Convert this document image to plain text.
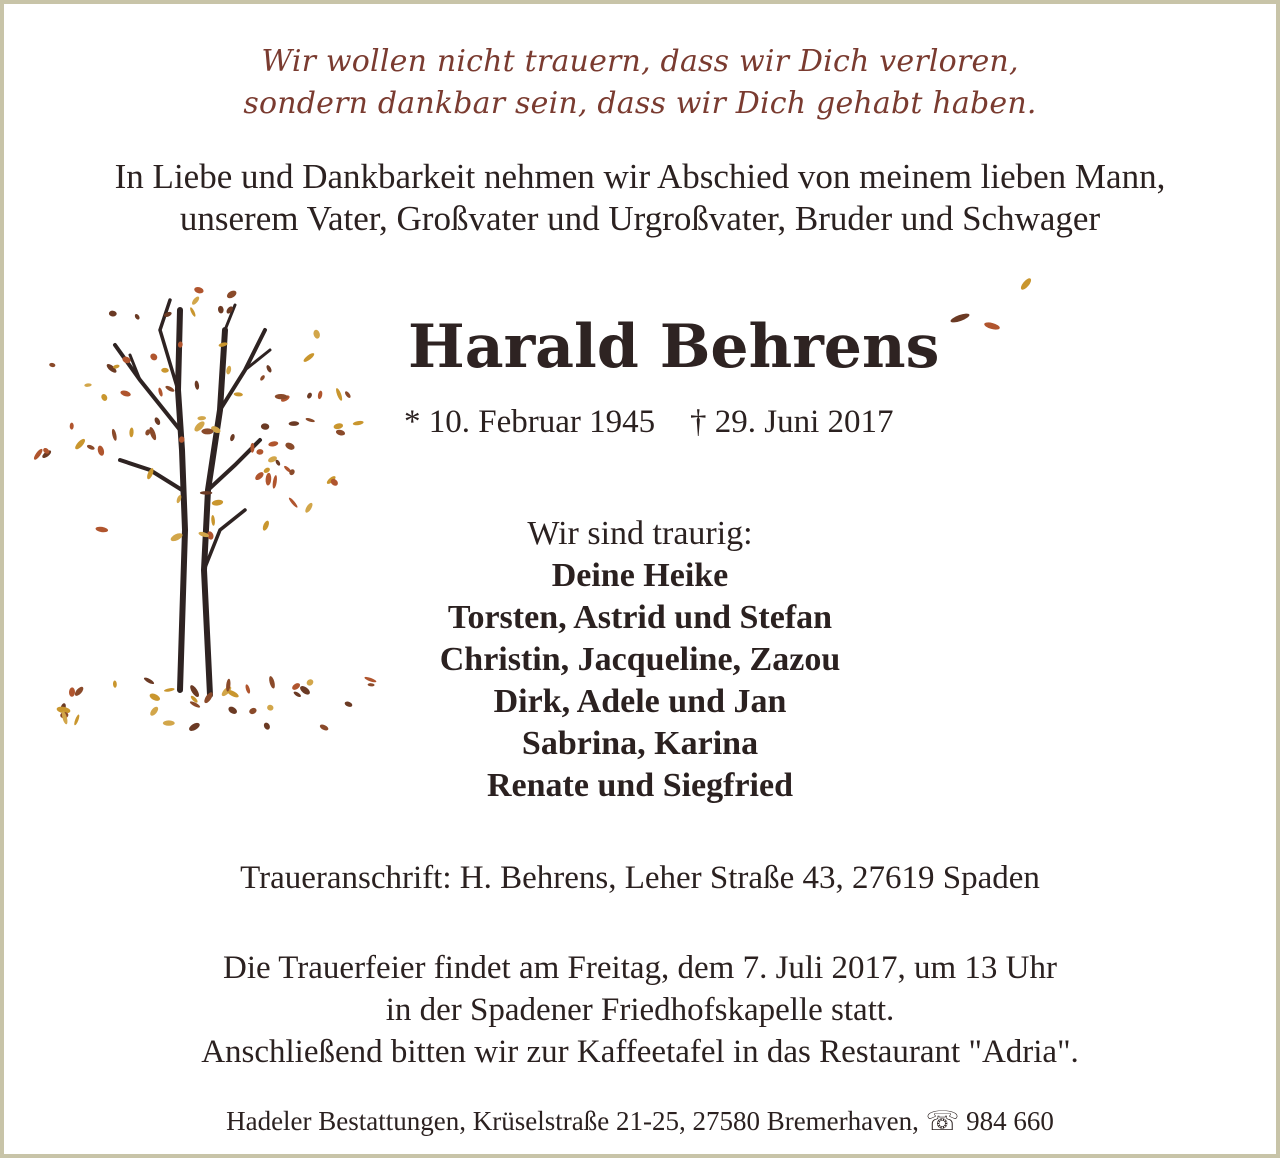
Wir wollen nicht trauern, dass wir Dich verloren,
sondern dankbar sein, dass wir Dich gehabt haben.
In Liebe und Dankbarkeit nehmen wir Abschied von meinem lieben Mann,
unserem Vater, Großvater und Urgroßvater, Bruder und Schwager
Harald Behrens
* 10. Februar 1945 † 29. Juni 2017
Wir sind traurig:
Deine Heike
Torsten, Astrid und Stefan
Christin, Jacqueline, Zazou
Dirk, Adele und Jan
Sabrina, Karina
Renate und Siegfried
Traueranschrift: H. Behrens, Leher Straße 43, 27619 Spaden
Die Trauerfeier findet am Freitag, dem 7. Juli 2017, um 13 Uhr
in der Spadener Friedhofskapelle statt.
Anschließend bitten wir zur Kaffeetafel in das Restaurant "Adria".
Hadeler Bestattungen, Krüselstraße 21-25, 27580 Bremerhaven, ☏ 984 660
